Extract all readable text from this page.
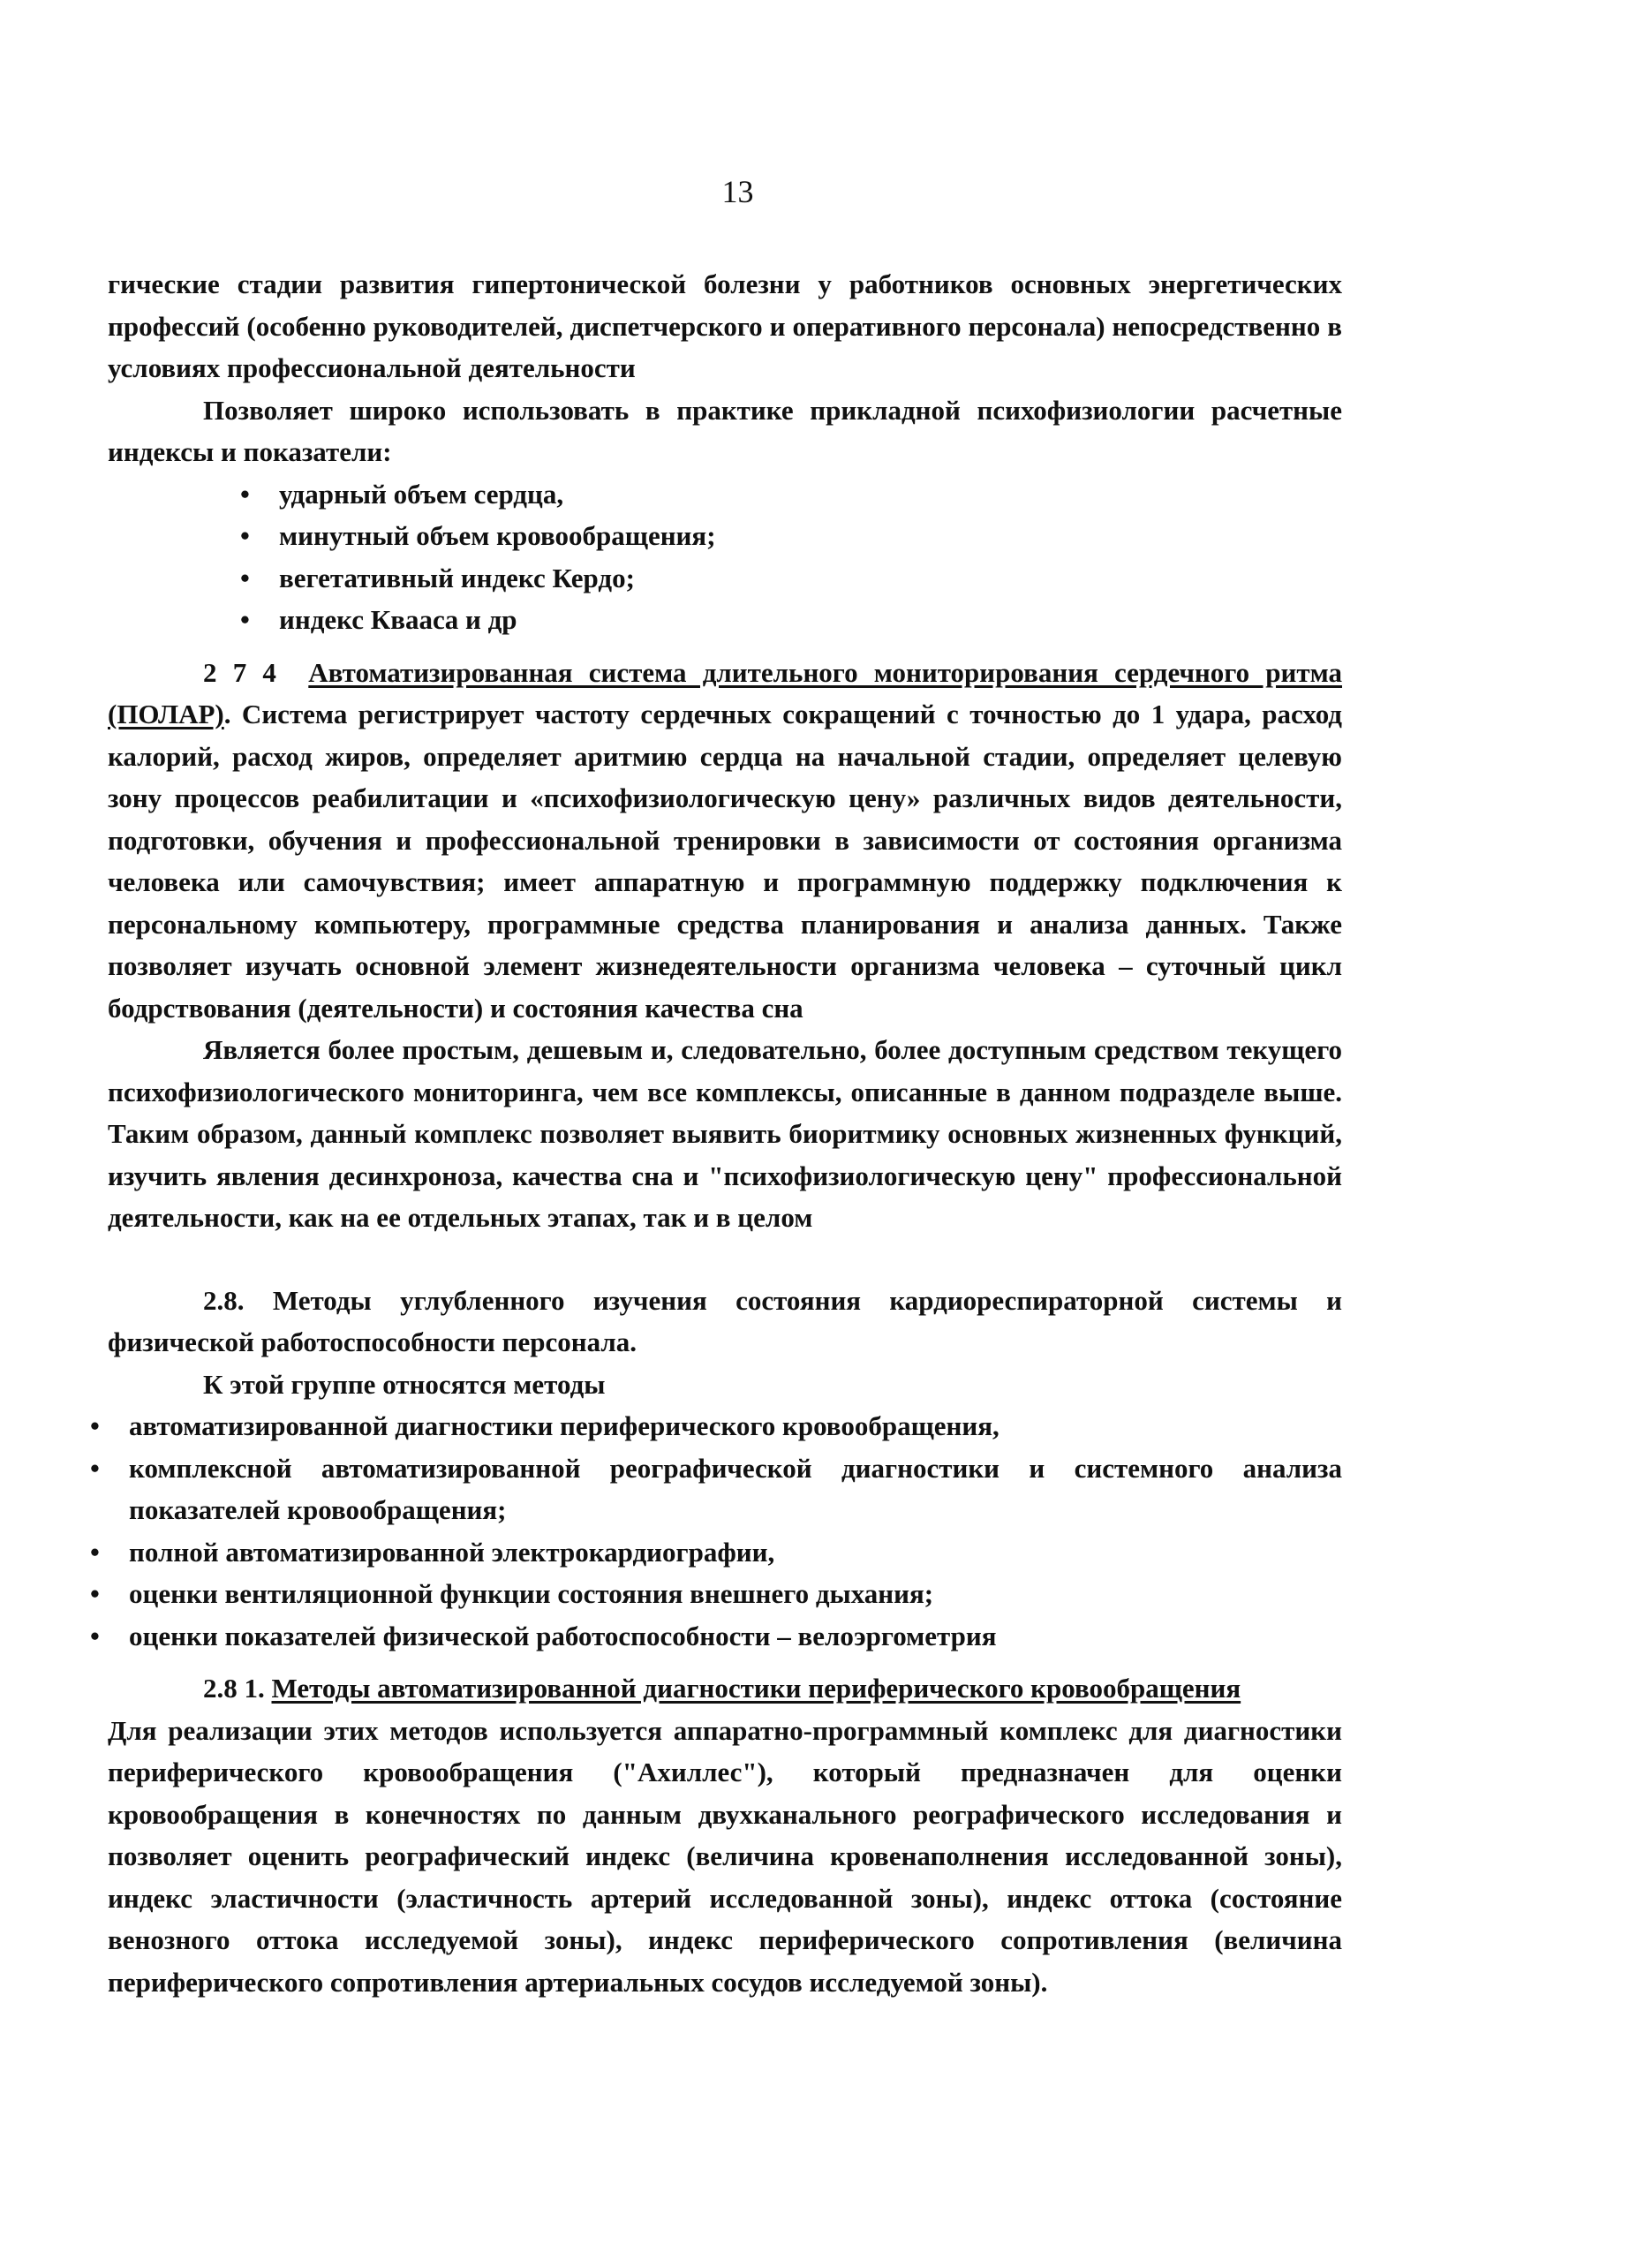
13

гические стадии развития гипертонической болезни у работников основных энергетических профессий (особенно руководителей, диспетчерского и оперативного персонала) непосредственно в условиях профессиональной деятельности

Позволяет широко использовать в практике прикладной психофизиологии расчетные индексы и показатели:

• ударный объем сердца,
• минутный объем кровообращения;
• вегетативный индекс Кердо;
• индекс Кваaca и др

2 7 4 Автоматизированная система длительного мониторирования сердечного ритма (ПОЛАР). Система регистрирует частоту сердечных сокращений с точностью до 1 удара, расход калорий, расход жиров, определяет аритмию сердца на начальной стадии, определяет целевую зону процессов реабилитации и «психофизиологическую цену» различных видов деятельности, подготовки, обучения и профессиональной тренировки в зависимости от состояния организма человека или самочувствия; имеет аппаратную и программную поддержку подключения к персональному компьютеру, программные средства планирования и анализа данных. Также позволяет изучать основной элемент жизнедеятельности организма человека – суточный цикл бодрствования (деятельности) и состояния качества сна

Является более простым, дешевым и, следовательно, более доступным средством текущего психофизиологического мониторинга, чем все комплексы, описанные в данном подразделе выше. Таким образом, данный комплекс позволяет выявить биоритмику основных жизненных функций, изучить явления десинхроноза, качества сна и "психофизиологическую цену" профессиональной деятельности, как на ее отдельных этапах, так и в целом

2.8. Методы углубленного изучения состояния кардиореспираторной системы и физической работоспособности персонала.

К этой группе относятся методы

• автоматизированной диагностики периферического кровообращения,
• комплексной автоматизированной реографической диагностики и системного анализа показателей кровообращения;
• полной автоматизированной электрокардиографии,
• оценки вентиляционной функции состояния внешнего дыхания;
• оценки показателей физической работоспособности – велоэргометрия

2.8 1. Методы автоматизированной диагностики периферического кровообращения

Для реализации этих методов используется аппаратно-программный комплекс для диагностики периферического кровообращения ("Ахиллес"), который предназначен для оценки кровообращения в конечностях по данным двухканального реографического исследования и позволяет оценить реографический индекс (величина кровенаполнения исследованной зоны), индекс эластичности (эластичность артерий исследованной зоны), индекс оттока (состояние венозного оттока исследуемой зоны), индекс периферического сопротивления (величина периферического сопротивления артериальных сосудов исследуемой зоны).
